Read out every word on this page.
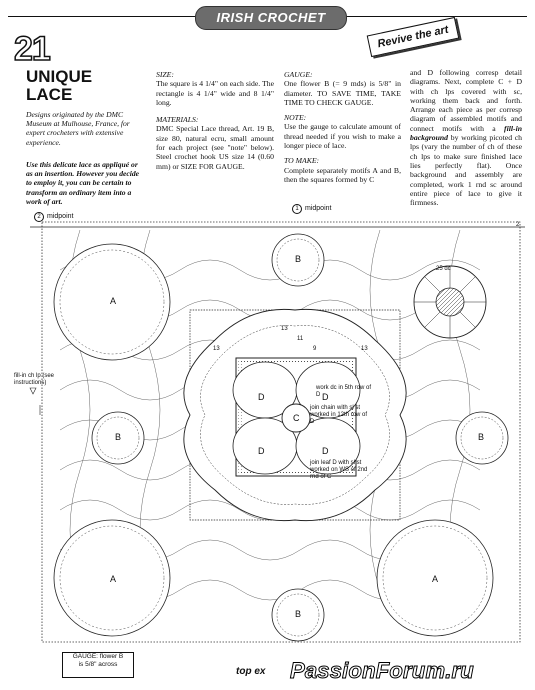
IRISH CROCHET
Revive the art
21
UNIQUE
LACE
Designs originated by the DMC Museum at Mulhouse, France, for expert crocheters with extensive experience.
Use this delicate lace as appliqué or as an insertion. However you decide to employ it, you can be certain to transform an ordinary item into a work of art.
SIZE:
The square is 4 1/4" on each side. The rectangle is 4 1/4" wide and 8 1/4" long.
MATERIALS:
DMC Special Lace thread, Art. 19 B, size 80, natural ecru, small amount for each project (see "note" below). Steel crochet hook US size 14 (0.60 mm) or SIZE FOR GAUGE.
GAUGE:
One flower B (= 9 mds) is 5/8" in diameter. TO SAVE TIME, TAKE TIME TO CHECK GAUGE.
NOTE:
Use the gauge to calculate amount of thread needed if you wish to make a longer piece of lace.
TO MAKE:
Complete separately motifs A and B, then the squares formed by C
and D following corresp detail diagrams. Next, complete C + D with ch lps covered with sc, working them back and forth. Arrange each piece as per corresp diagram of assembled motifs and connect motifs with a fill-in background by working picoted ch lps (vary the number of ch of these ch lps to make sure finished lace lies perfectly flat). Once background and assembly are completed, work 1 rnd sc around entire piece of lace to give it firmness.
1 midpoint
2 midpoint
A
A	A
B
B	B
B
C
D	D
D	D
13
11
9
13	13
work dc in 5th row of D
join chain with sl st worked in 12th row of D
join leaf D with sl st worked on WS of 2nd rnd of C
25 dc
2
fill-in ch lp (see instructions)
GAUGE: flower B
is 5/8" across
top ex PassionForum.ru
